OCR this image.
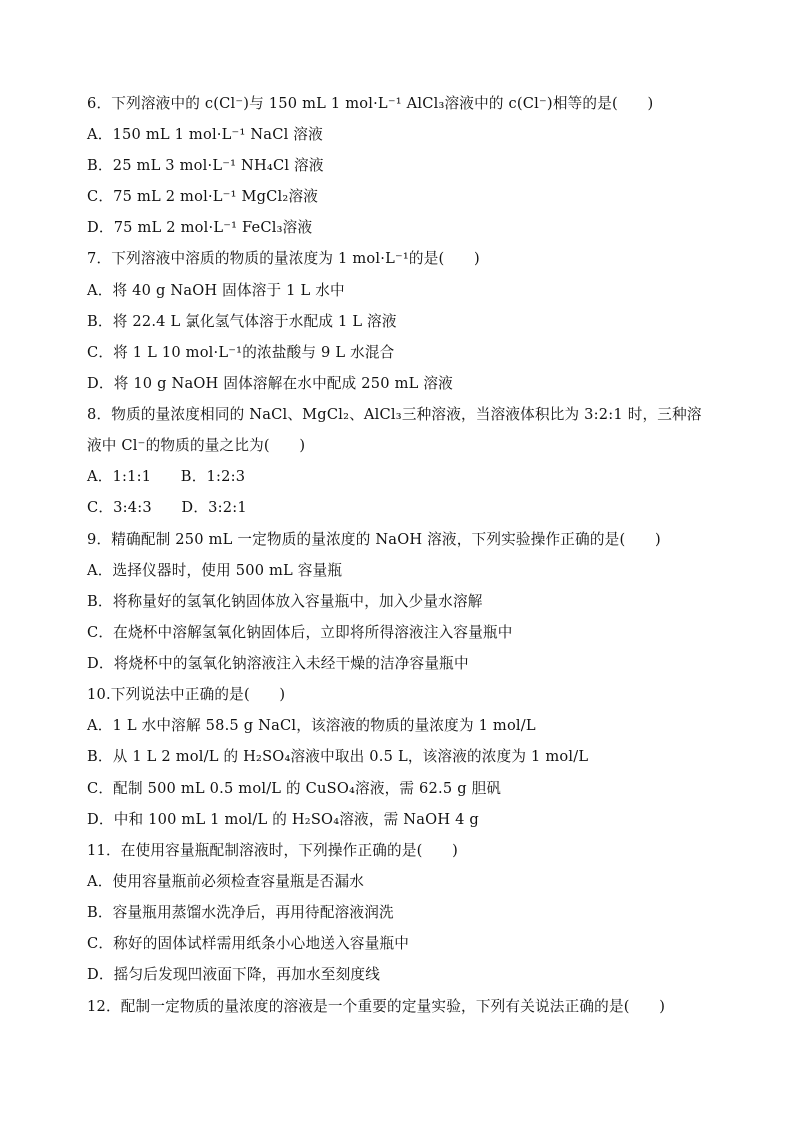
6．下列溶液中的 c(Cl⁻)与 150 mL 1 mol·L⁻¹ AlCl₃溶液中的 c(Cl⁻)相等的是(　　)
A．150 mL 1 mol·L⁻¹ NaCl 溶液
B．25 mL 3 mol·L⁻¹ NH₄Cl 溶液
C．75 mL 2 mol·L⁻¹ MgCl₂溶液
D．75 mL 2 mol·L⁻¹ FeCl₃溶液
7．下列溶液中溶质的物质的量浓度为 1 mol·L⁻¹的是(　　)
A．将 40 g NaOH 固体溶于 1 L 水中
B．将 22.4 L 氯化氢气体溶于水配成 1 L 溶液
C．将 1 L 10 mol·L⁻¹的浓盐酸与 9 L 水混合
D．将 10 g NaOH 固体溶解在水中配成 250 mL 溶液
8．物质的量浓度相同的 NaCl、MgCl₂、AlCl₃三种溶液，当溶液体积比为 3:2:1 时，三种溶
液中 Cl⁻的物质的量之比为(　　)
A．1:1:1　　B．1:2:3
C．3:4:3　　D．3:2:1
9．精确配制 250 mL 一定物质的量浓度的 NaOH 溶液，下列实验操作正确的是(　　)
A．选择仪器时，使用 500 mL 容量瓶
B．将称量好的氢氧化钠固体放入容量瓶中，加入少量水溶解
C．在烧杯中溶解氢氧化钠固体后，立即将所得溶液注入容量瓶中
D．将烧杯中的氢氧化钠溶液注入未经干燥的洁净容量瓶中
10.下列说法中正确的是(　　)
A．1 L 水中溶解 58.5 g NaCl，该溶液的物质的量浓度为 1 mol/L
B．从 1 L 2 mol/L 的 H₂SO₄溶液中取出 0.5 L，该溶液的浓度为 1 mol/L
C．配制 500 mL 0.5 mol/L 的 CuSO₄溶液，需 62.5 g 胆矾
D．中和 100 mL 1 mol/L 的 H₂SO₄溶液，需 NaOH 4 g
11．在使用容量瓶配制溶液时，下列操作正确的是(　　)
A．使用容量瓶前必须检查容量瓶是否漏水
B．容量瓶用蒸馏水洗净后，再用待配溶液润洗
C．称好的固体试样需用纸条小心地送入容量瓶中
D．摇匀后发现凹液面下降，再加水至刻度线
12．配制一定物质的量浓度的溶液是一个重要的定量实验，下列有关说法正确的是(　　)
